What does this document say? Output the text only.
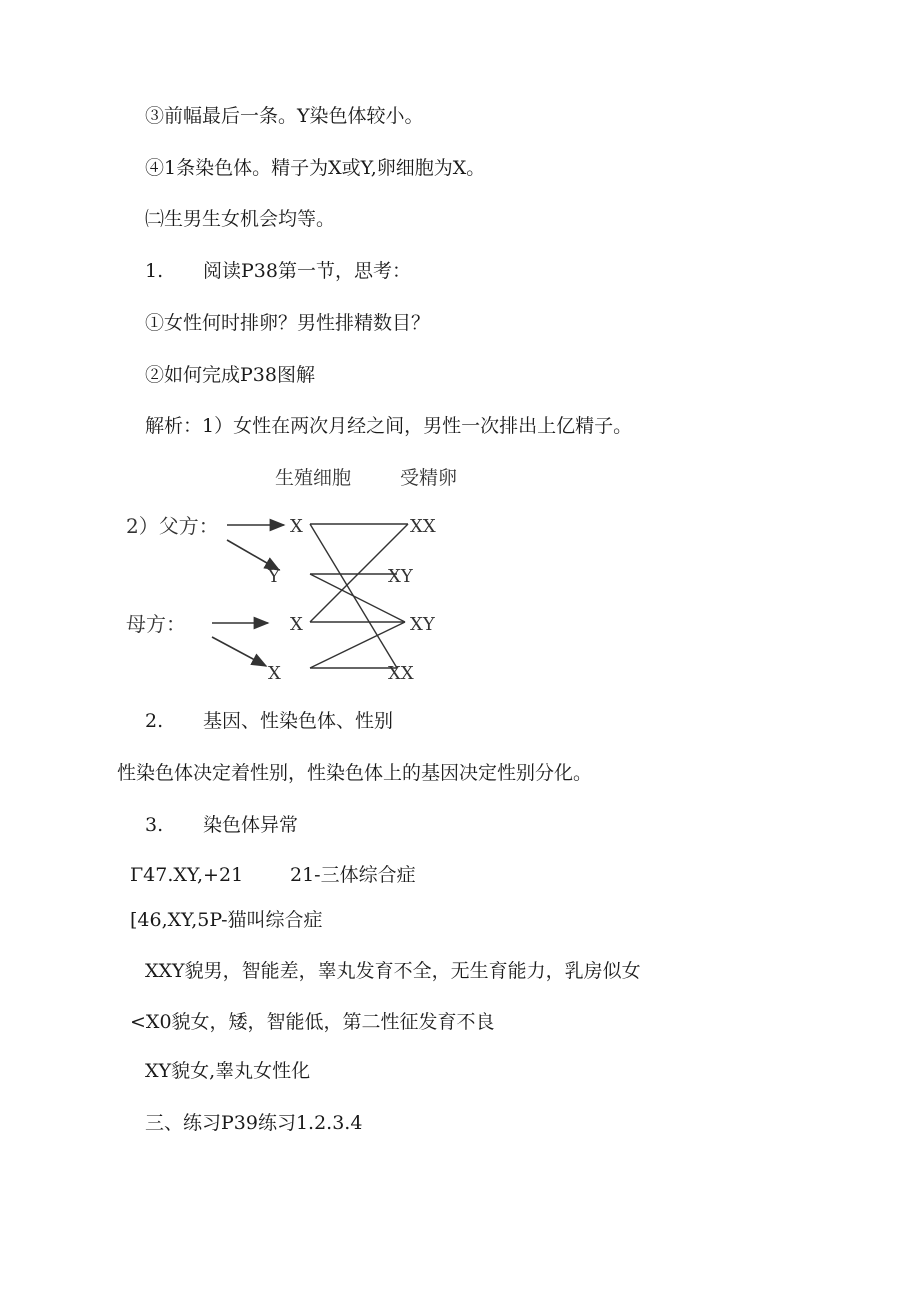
③前幅最后一条。Y染色体较小。
④1条染色体。精子为X或Y,卵细胞为X。
㈡生男生女机会均等。
1. 阅读P38第一节，思考：
①女性何时排卵？男性排精数目？
②如何完成P38图解
解析：1）女性在两次月经之间，男性一次排出上亿精子。
生殖细胞	受精卵
2）父方：
母方：
X
Y
X
X
XX
XY
XY
XX
2. 基因、性染色体、性别
性染色体决定着性别，性染色体上的基因决定性别分化。
3. 染色体异常
Γ47.XY,+21 21-三体综合症
[46,XY,5P-猫叫综合症
XXY貌男，智能差，睾丸发育不全，无生育能力，乳房似女
<X0貌女，矮，智能低，第二性征发育不良
XY貌女,睾丸女性化
三、练习P39练习1.2.3.4
